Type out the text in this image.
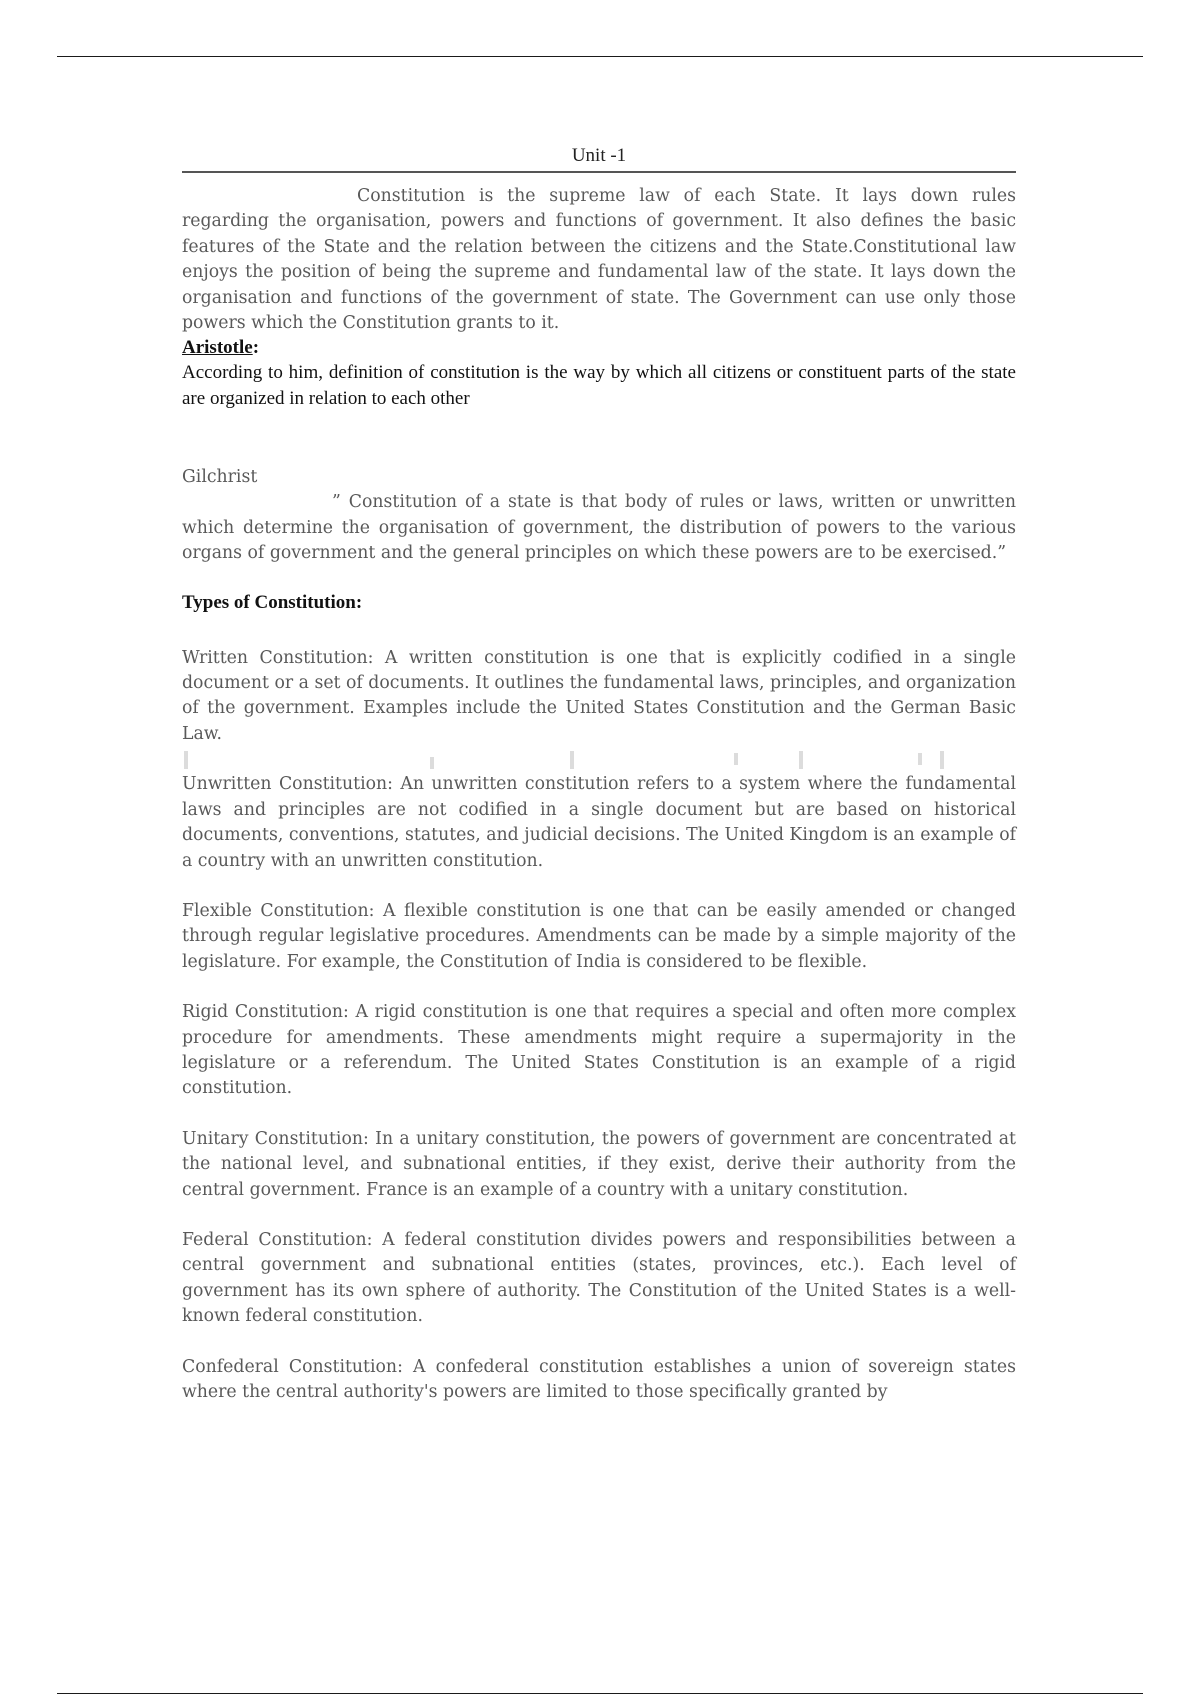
Unit -1

Constitution is the supreme law of each State. It lays down rules regarding the organisation, powers and functions of government. It also defines the basic features of the State and the relation between the citizens and the State.Constitutional law enjoys the position of being the supreme and fundamental law of the state. It lays down the organisation and functions of the government of state. The Government can use only those powers which the Constitution grants to it.

Aristotle:

According to him, definition of constitution is the way by which all citizens or constituent parts of the state are organized in relation to each other

Gilchrist

” Constitution of a state is that body of rules or laws, written or unwritten which determine the organisation of government, the distribution of powers to the various organs of government and the general principles on which these powers are to be exercised.”

Types of Constitution:

Written Constitution: A written constitution is one that is explicitly codified in a single document or a set of documents. It outlines the fundamental laws, principles, and organization of the government. Examples include the United States Constitution and the German Basic Law.

Unwritten Constitution: An unwritten constitution refers to a system where the fundamental laws and principles are not codified in a single document but are based on historical documents, conventions, statutes, and judicial decisions. The United Kingdom is an example of a country with an unwritten constitution.

Flexible Constitution: A flexible constitution is one that can be easily amended or changed through regular legislative procedures. Amendments can be made by a simple majority of the legislature. For example, the Constitution of India is considered to be flexible.

Rigid Constitution: A rigid constitution is one that requires a special and often more complex procedure for amendments. These amendments might require a supermajority in the legislature or a referendum. The United States Constitution is an example of a rigid constitution.

Unitary Constitution: In a unitary constitution, the powers of government are concentrated at the national level, and subnational entities, if they exist, derive their authority from the central government. France is an example of a country with a unitary constitution.

Federal Constitution: A federal constitution divides powers and responsibilities between a central government and subnational entities (states, provinces, etc.). Each level of government has its own sphere of authority. The Constitution of the United States is a well-known federal constitution.

Confederal Constitution: A confederal constitution establishes a union of sovereign states where the central authority's powers are limited to those specifically granted by
